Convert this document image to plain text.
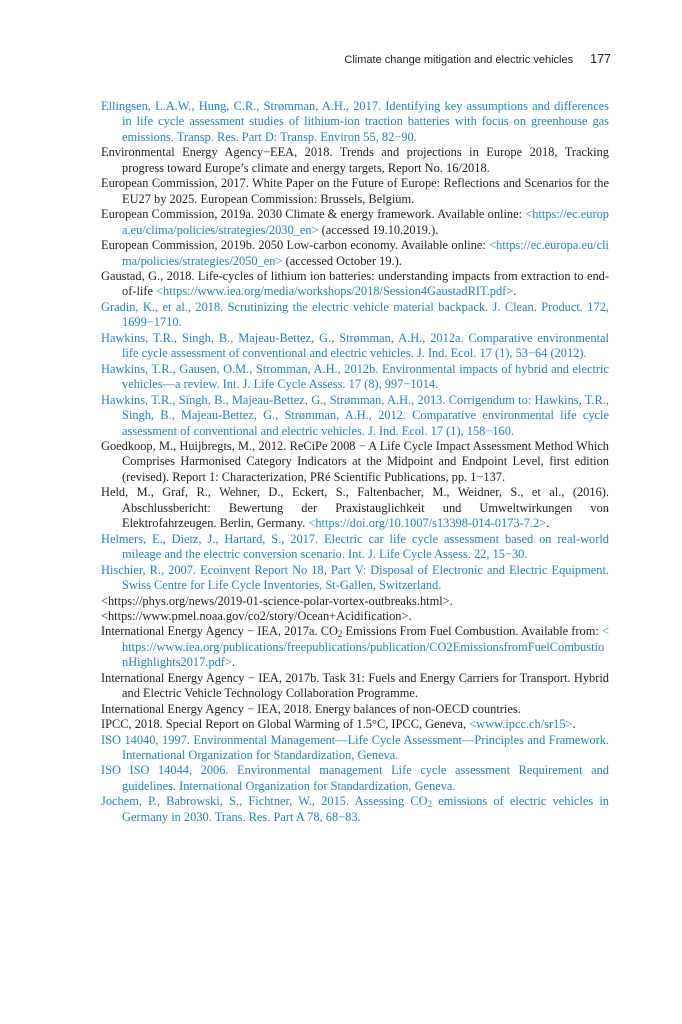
Climate change mitigation and electric vehicles 177
Ellingsen, L.A.W., Hung, C.R., Strømman, A.H., 2017. Identifying key assumptions and differences in life cycle assessment studies of lithium-ion traction batteries with focus on greenhouse gas emissions. Transp. Res. Part D: Transp. Environ 55, 82−90.
Environmental Energy Agency−EEA, 2018. Trends and projections in Europe 2018, Tracking progress toward Europe’s climate and energy targets, Report No. 16/2018.
European Commission, 2017. White Paper on the Future of Europe: Reflections and Scenarios for the EU27 by 2025. European Commission: Brussels, Belgium.
European Commission, 2019a. 2030 Climate & energy framework. Available online: <https://ec.europa.eu/clima/policies/strategies/2030_en> (accessed 19.10.2019.).
European Commission, 2019b. 2050 Low-carbon economy. Available online: <https://ec.europa.eu/clima/policies/strategies/2050_en> (accessed October 19.).
Gaustad, G., 2018. Life-cycles of lithium ion batteries: understanding impacts from extraction to end-of-life <https://www.iea.org/media/workshops/2018/Session4GaustadRIT.pdf>.
Gradin, K., et al., 2018. Scrutinizing the electric vehicle material backpack. J. Clean. Product. 172, 1699−1710.
Hawkins, T.R., Singh, B., Majeau-Bettez, G., Strømman, A.H., 2012a. Comparative environmental life cycle assessment of conventional and electric vehicles. J. Ind. Ecol. 17 (1), 53−64 (2012).
Hawkins, T.R., Gausen, O.M., Stromman, A.H., 2012b. Environmental impacts of hybrid and electric vehicles—a review. Int. J. Life Cycle Assess. 17 (8), 997−1014.
Hawkins, T.R., Singh, B., Majeau-Bettez, G., Strømman, A.H., 2013. Corrigendum to: Hawkins, T.R., Singh, B., Majeau-Bettez, G., Strømman, A.H., 2012. Comparative environmental life cycle assessment of conventional and electric vehicles. J. Ind. Ecol. 17 (1), 158−160.
Goedkoop, M., Huijbregts, M., 2012. ReCiPe 2008 − A Life Cycle Impact Assessment Method Which Comprises Harmonised Category Indicators at the Midpoint and Endpoint Level, first edition (revised). Report 1: Characterization, PRé Scientific Publications, pp. 1−137.
Held, M., Graf, R., Wehner, D., Eckert, S., Faltenbacher, M., Weidner, S., et al., (2016). Abschlussbericht: Bewertung der Praxistauglichkeit und Umweltwirkungen von Elektrofahrzeugen. Berlin, Germany. <https://doi.org/10.1007/s13398-014-0173-7.2>.
Helmers, E., Dietz, J., Hartard, S., 2017. Electric car life cycle assessment based on real-world mileage and the electric conversion scenario. Int. J. Life Cycle Assess. 22, 15−30.
Hischier, R., 2007. Ecoinvent Report No 18, Part V: Disposal of Electronic and Electric Equipment. Swiss Centre for Life Cycle Inventories, St-Gallen, Switzerland.
<https://phys.org/news/2019-01-science-polar-vortex-outbreaks.html>.
<https://www.pmel.noaa.gov/co2/story/Ocean+Acidification>.
International Energy Agency − IEA, 2017a. $CO_2$ Emissions From Fuel Combustion. Available from: <https://www.iea.org/publications/freepublications/publication/CO2EmissionsfromFuelCombustionHighlights2017.pdf>.
International Energy Agency − IEA, 2017b. Task 31: Fuels and Energy Carriers for Transport. Hybrid and Electric Vehicle Technology Collaboration Programme.
International Energy Agency − IEA, 2018. Energy balances of non-OECD countries.
IPCC, 2018. Special Report on Global Warming of 1.5°C, IPCC, Geneva, <www.ipcc.ch/sr15>.
ISO 14040, 1997. Environmental Management—Life Cycle Assessment—Principles and Framework. International Organization for Standardization, Geneva.
ISO ISO 14044, 2006. Environmental management Life cycle assessment Requirement and guidelines. International Organization for Standardization, Geneva.
Jochem, P., Babrowski, S., Fichtner, W., 2015. Assessing $CO_2$ emissions of electric vehicles in Germany in 2030. Trans. Res. Part A 78, 68−83.
